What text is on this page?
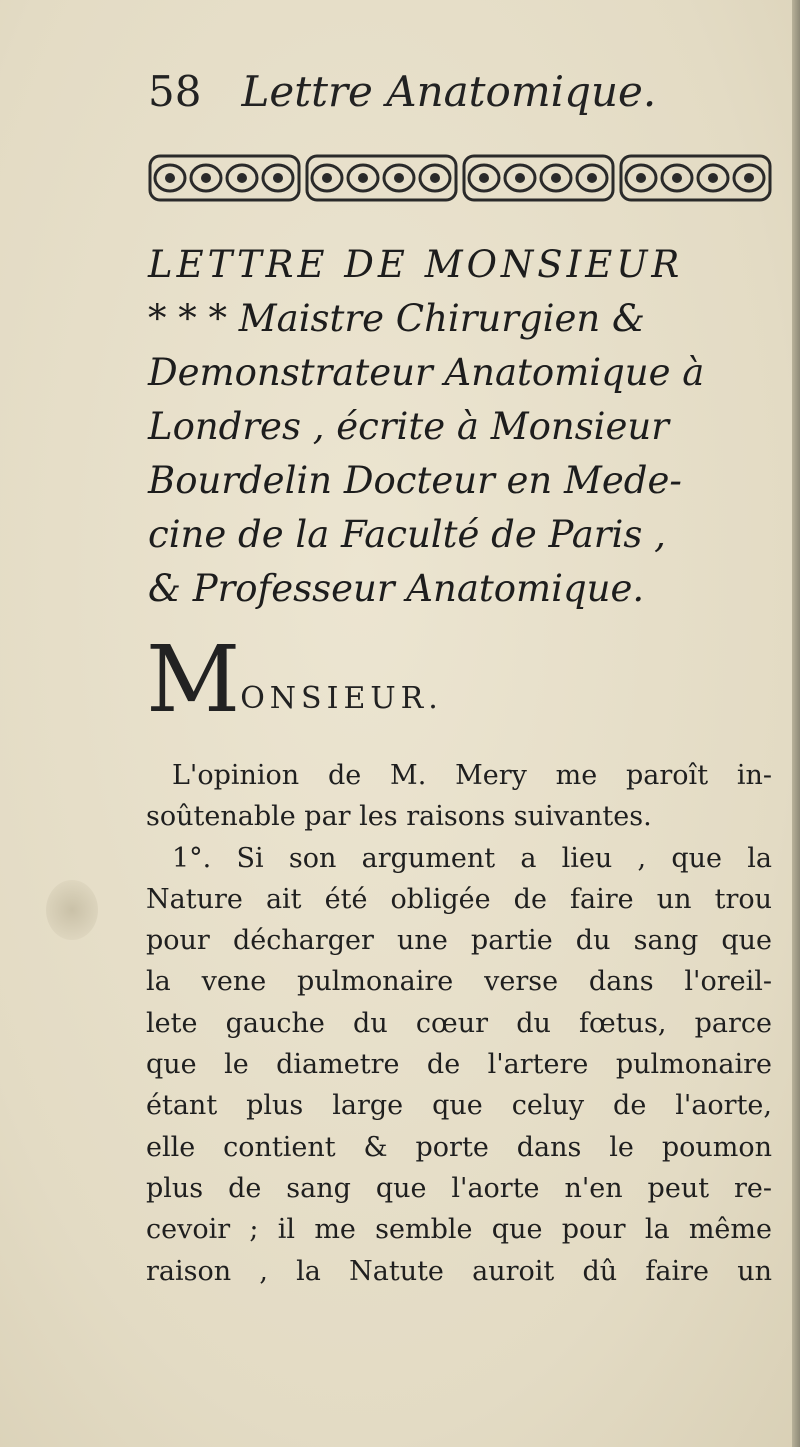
58 Lettre Anatomique.
LETTRE DE MONSIEUR
* * * Maistre Chirurgien &
Demonstrateur Anatomique à
Londres , écrite à Monsieur
Bourdelin Docteur en Mede-
cine de la Faculté de Paris ,
& Professeur Anatomique.
M ONSIEUR.
L'opinion de M. Mery me paroît in-
soûtenable par les raisons suivantes.
1°. Si son argument a lieu , que la
Nature ait été obligée de faire un trou
pour décharger une partie du sang que
la vene pulmonaire verse dans l'oreil-
lete gauche du cœur du fœtus, parce
que le diametre de l'artere pulmonaire
étant plus large que celuy de l'aorte,
elle contient & porte dans le poumon
plus de sang que l'aorte n'en peut re-
cevoir ; il me semble que pour la même
raison , la Natute auroit dû faire un
